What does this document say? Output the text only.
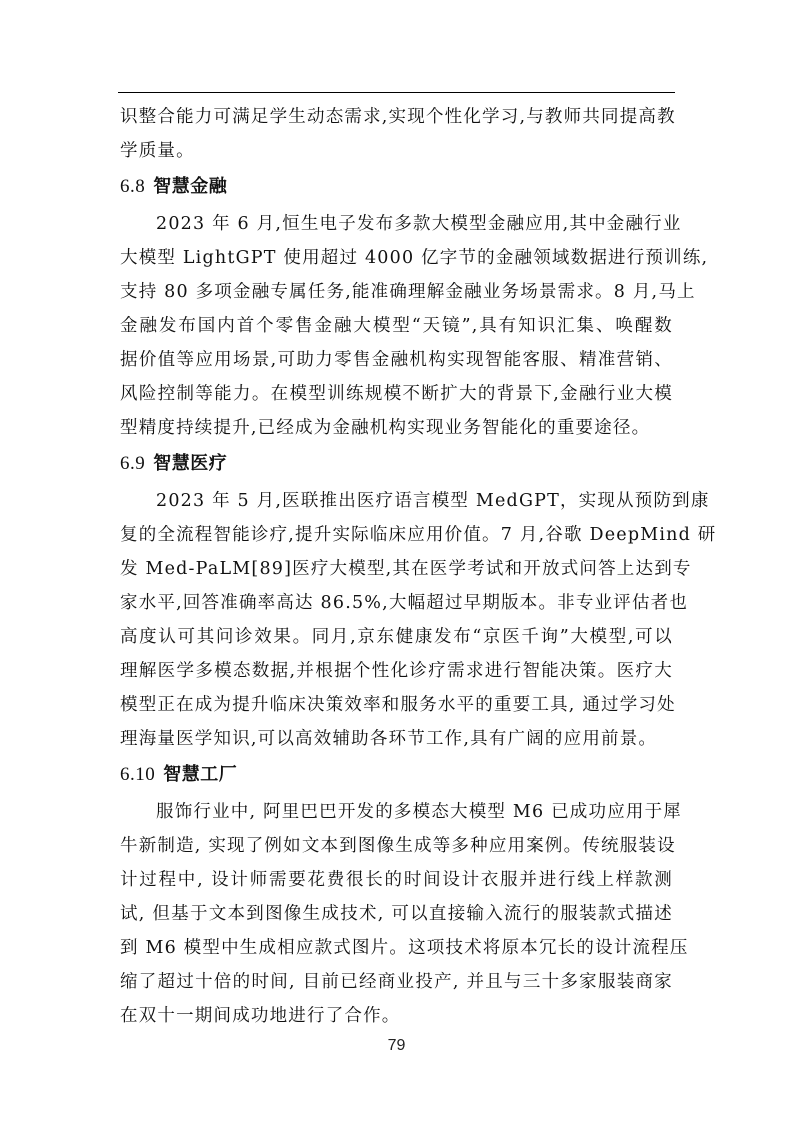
识整合能力可满足学生动态需求,实现个性化学习,与教师共同提高教
学质量。
6.8 智慧金融
2023 年 6 月,恒生电子发布多款大模型金融应用,其中金融行业
大模型 LightGPT 使用超过 4000 亿字节的金融领域数据进行预训练,
支持 80 多项金融专属任务,能准确理解金融业务场景需求。8 月,马上
金融发布国内首个零售金融大模型“天镜”,具有知识汇集、唤醒数
据价值等应用场景,可助力零售金融机构实现智能客服、精准营销、
风险控制等能力。在模型训练规模不断扩大的背景下,金融行业大模
型精度持续提升,已经成为金融机构实现业务智能化的重要途径。
6.9 智慧医疗
2023 年 5 月,医联推出医疗语言模型 MedGPT，实现从预防到康
复的全流程智能诊疗,提升实际临床应用价值。7 月,谷歌 DeepMind 研
发 Med-PaLM[89]医疗大模型,其在医学考试和开放式问答上达到专
家水平,回答准确率高达 86.5%,大幅超过早期版本。非专业评估者也
高度认可其问诊效果。同月,京东健康发布“京医千询”大模型,可以
理解医学多模态数据,并根据个性化诊疗需求进行智能决策。医疗大
模型正在成为提升临床决策效率和服务水平的重要工具, 通过学习处
理海量医学知识,可以高效辅助各环节工作,具有广阔的应用前景。
6.10 智慧工厂
服饰行业中, 阿里巴巴开发的多模态大模型 M6 已成功应用于犀
牛新制造, 实现了例如文本到图像生成等多种应用案例。传统服装设
计过程中, 设计师需要花费很长的时间设计衣服并进行线上样款测
试, 但基于文本到图像生成技术, 可以直接输入流行的服装款式描述
到 M6 模型中生成相应款式图片。这项技术将原本冗长的设计流程压
缩了超过十倍的时间, 目前已经商业投产, 并且与三十多家服装商家
在双十一期间成功地进行了合作。
79
